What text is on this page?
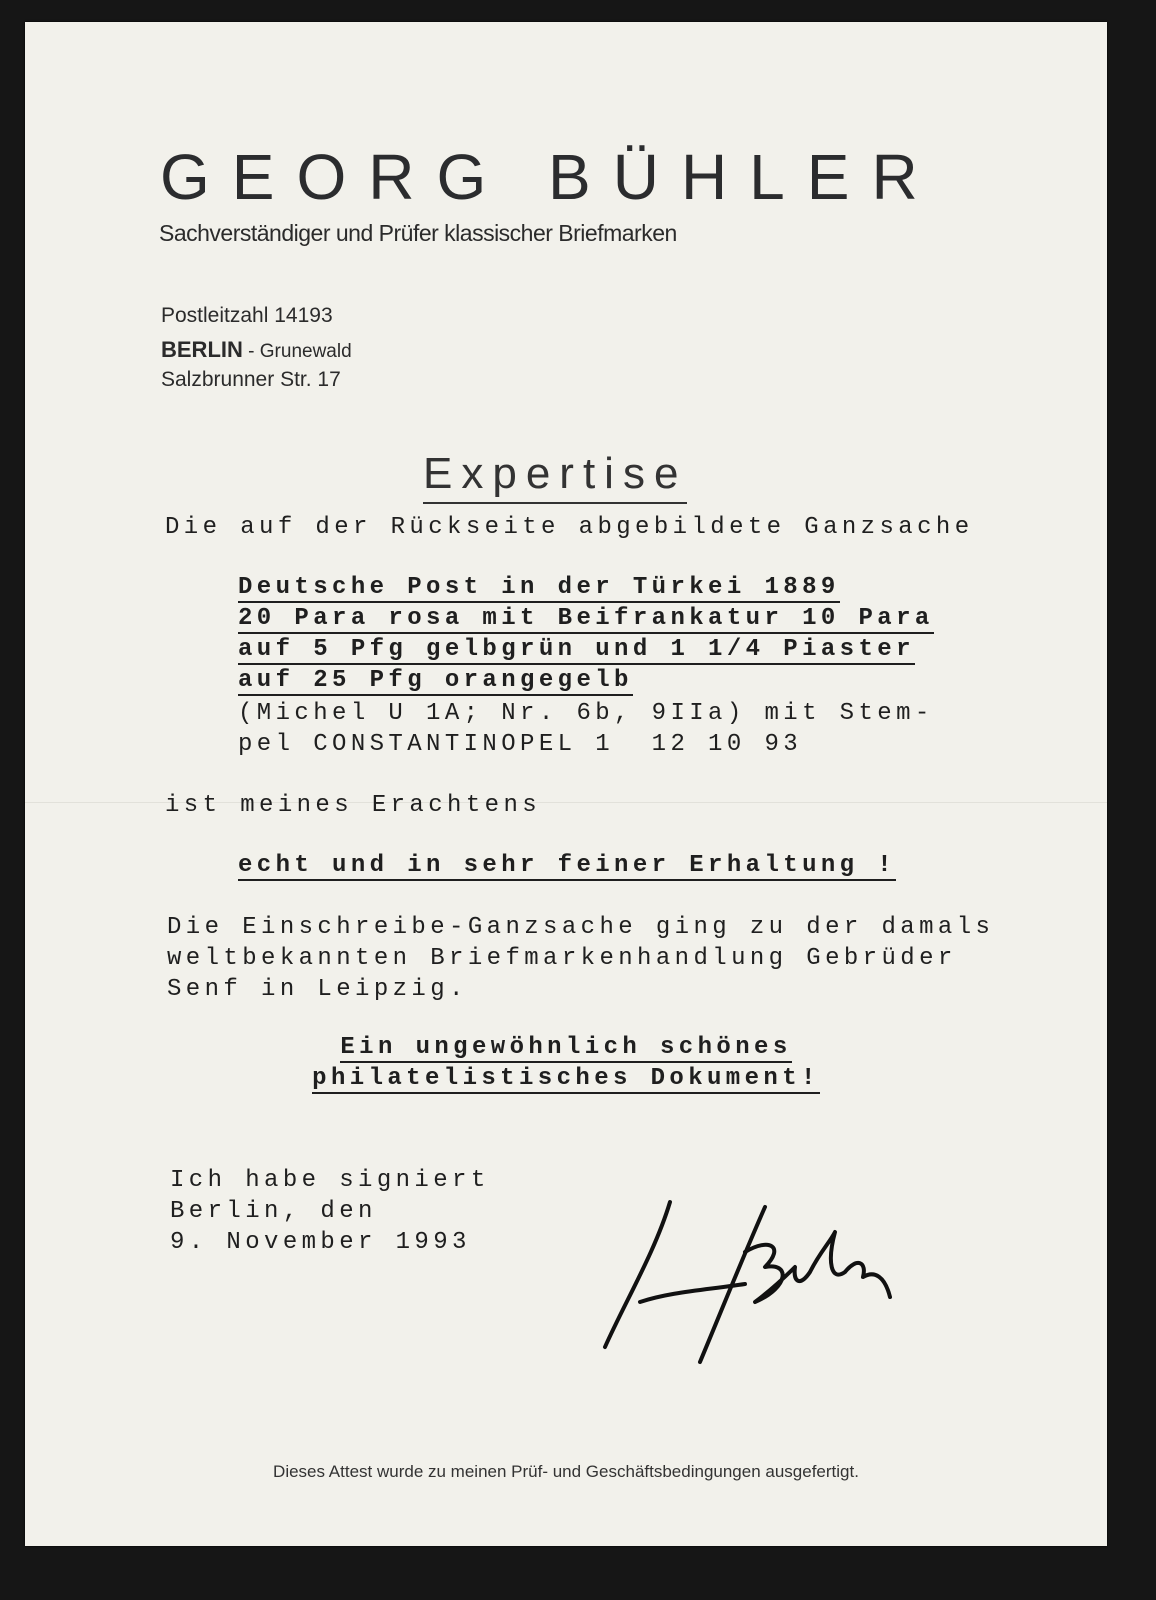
GEORG BÜHLER
Sachverständiger und Prüfer klassischer Briefmarken
Postleitzahl 14193
BERLIN - Grunewald
Salzbrunner Str. 17
Expertise
Die auf der Rückseite abgebildete Ganzsache
Deutsche Post in der Türkei 1889
20 Para rosa mit Beifrankatur 10 Para
auf 5 Pfg gelbgrün und 1 1/4 Piaster
auf 25 Pfg orangegelb
(Michel U 1A; Nr. 6b, 9IIa) mit Stem-
pel CONSTANTINOPEL 1  12 10 93
ist meines Erachtens
echt und in sehr feiner Erhaltung !
Die Einschreibe-Ganzsache ging zu der damals
weltbekannten Briefmarkenhandlung Gebrüder
Senf in Leipzig.
Ein ungewöhnlich schönes
philatelistisches Dokument!
Ich habe signiert
Berlin, den
9. November 1993
Dieses Attest wurde zu meinen Prüf- und Geschäftsbedingungen ausgefertigt.
